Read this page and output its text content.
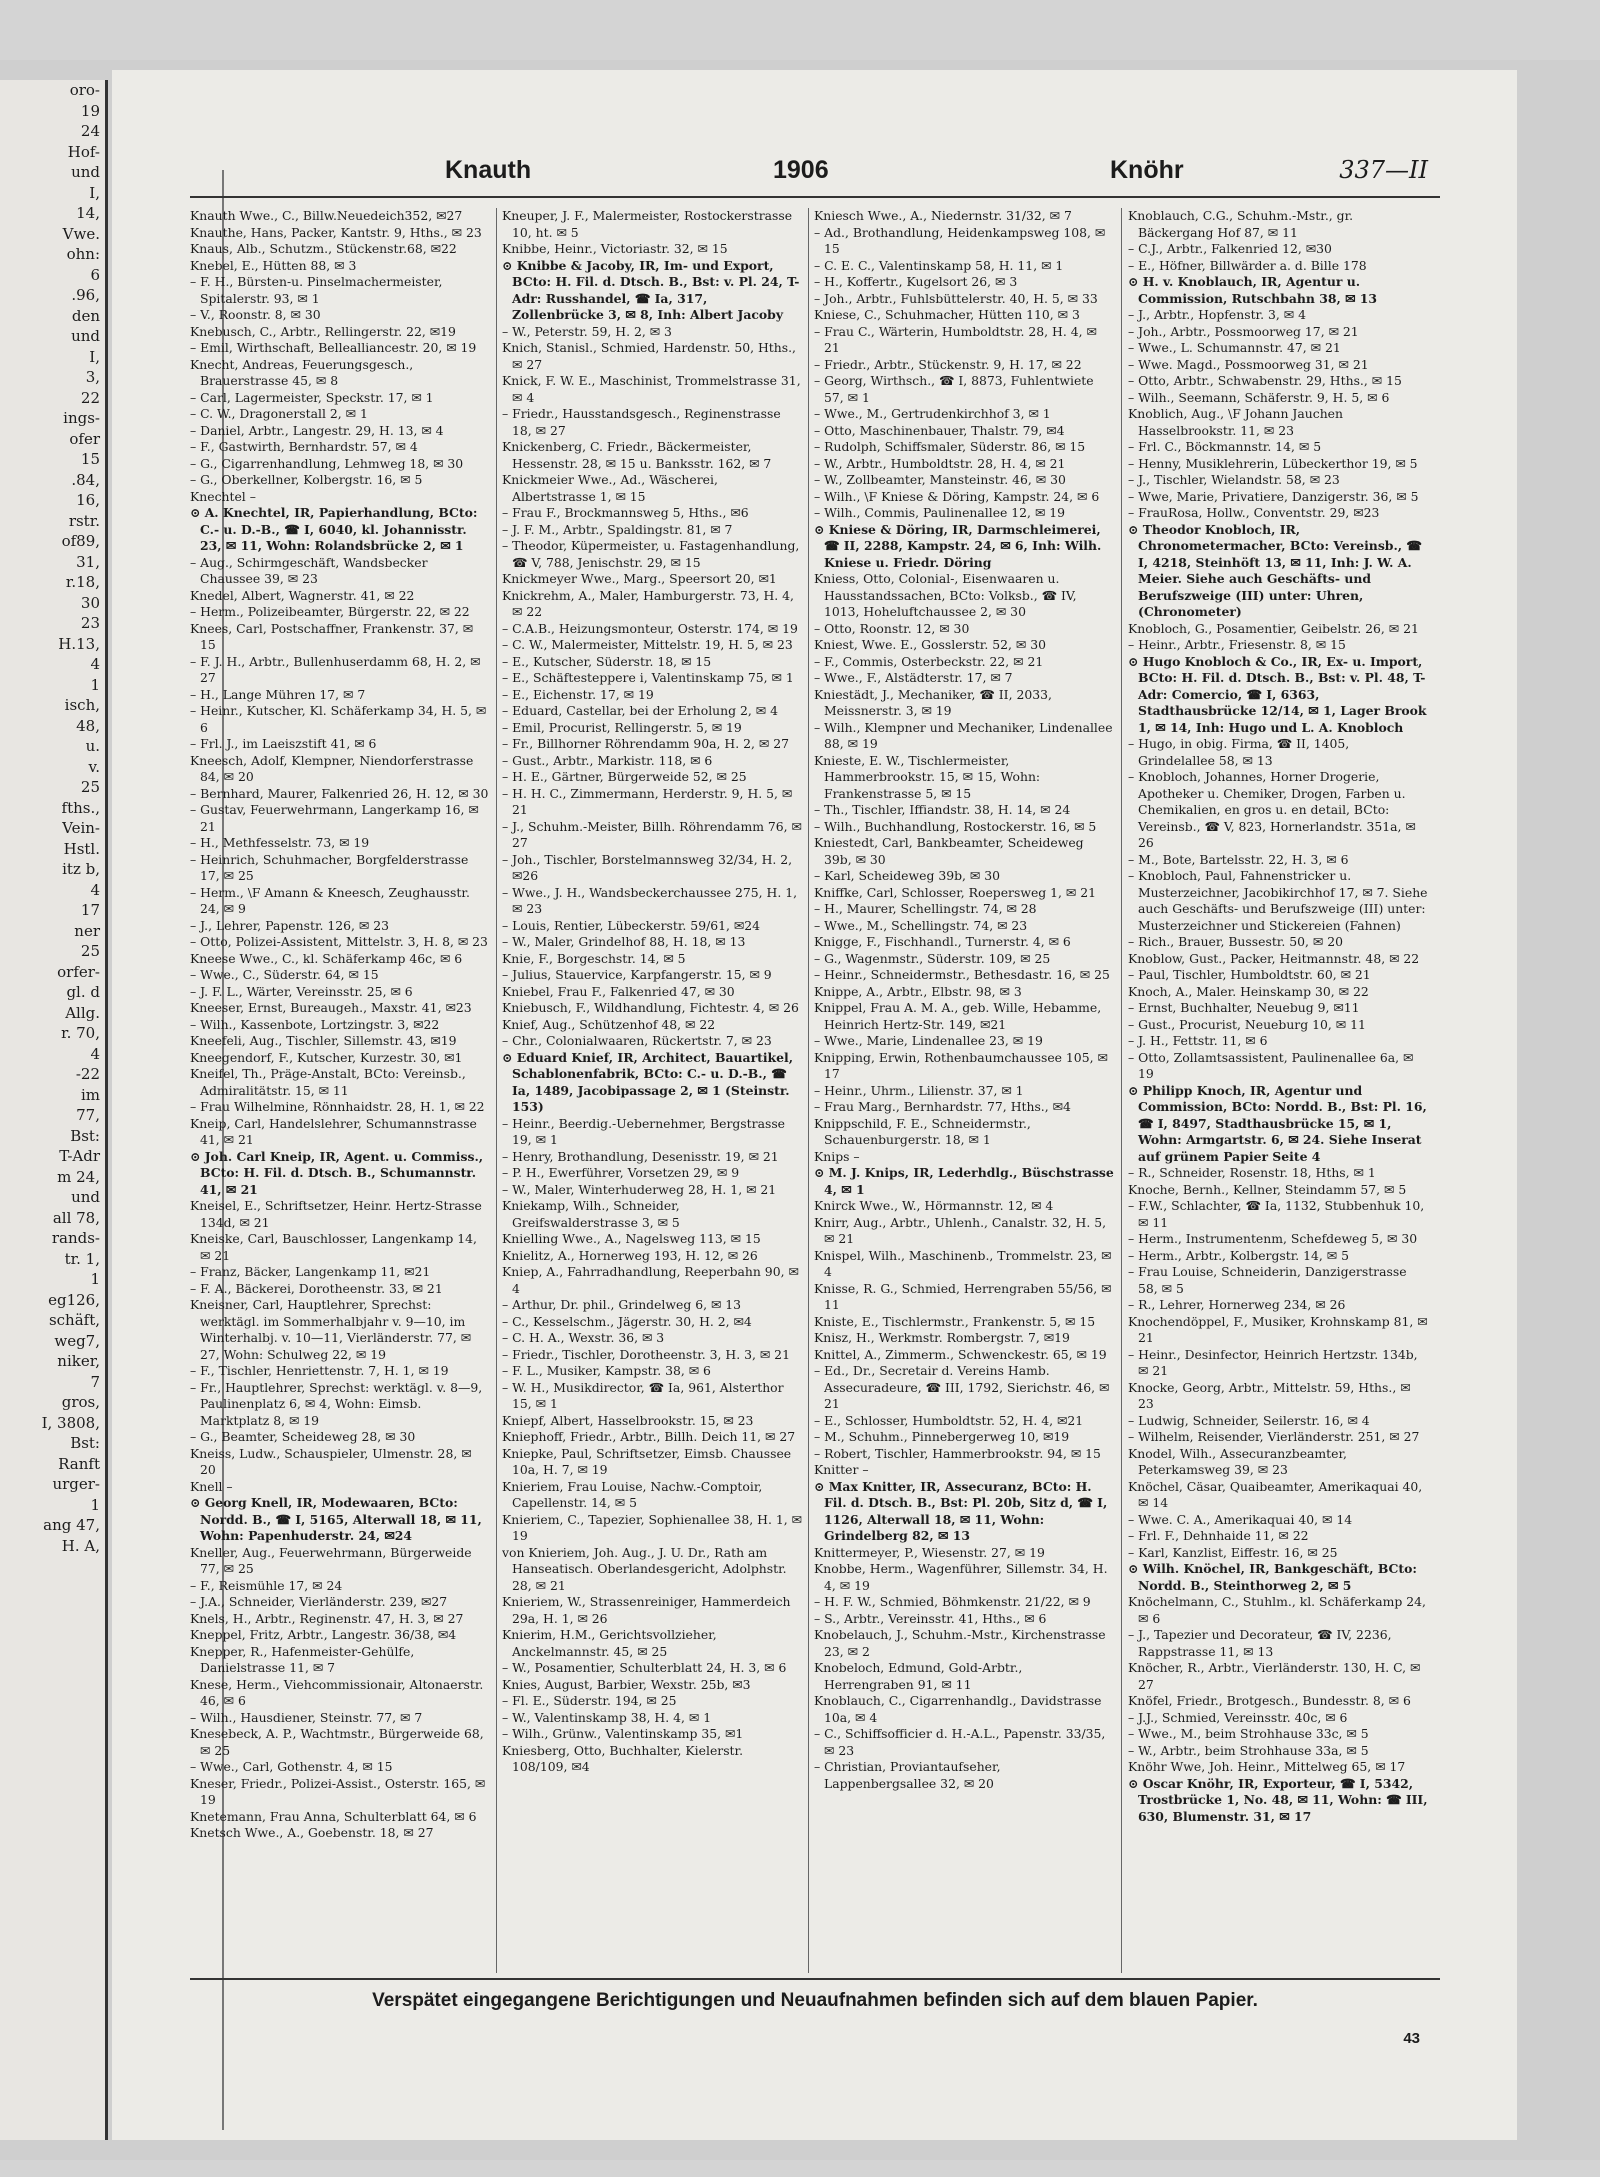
oro-
19
24
Hof-
und
I,
14,
Vwe.
ohn:
6
.96,
den
und
I,
3,
22
ings-
ofer
15
.84,
16,
rstr.
of89,
31,
r.18,
30
23
H.13,
4
1
isch,
48,
u.
v.
25
fths.,
Vein-
Hstl.
itz b,
4
17
ner
25
orfer-
gl. d
Allg.
r. 70,
4
-22
im
77,
Bst:
T-Adr
m 24,
und
all 78,
rands-
tr. 1,
1
eg126,
schäft,
weg7,
niker,
7
gros,
I, 3808,
Bst:
Ranft
urger-
1
ang 47,
H. A,
Knauth	1906	Knöhr	337—II

Knauth Wwe., C., Billw.Neuedeich352, ✉27

Knauthe, Hans, Packer, Kantstr. 9, Hths., ✉ 23

Knaus, Alb., Schutzm., Stückenstr.68, ✉22

Knebel, E., Hütten 88, ✉ 3

– F. H., Bürsten-u. Pinselmachermeister, Spitalerstr. 93, ✉ 1

– V., Roonstr. 8, ✉ 30

Knebusch, C., Arbtr., Rellingerstr. 22, ✉19

– Emil, Wirthschaft, Bellealliancestr. 20, ✉ 19

Knecht, Andreas, Feuerungsgesch., Brauerstrasse 45, ✉ 8

– Carl, Lagermeister, Speckstr. 17, ✉ 1

– C. W., Dragonerstall 2, ✉ 1

– Daniel, Arbtr., Langestr. 29, H. 13, ✉ 4

– F., Gastwirth, Bernhardstr. 57, ✉ 4

– G., Cigarrenhandlung, Lehmweg 18, ✉ 30

– G., Oberkellner, Kolbergstr. 16, ✉ 5

Knechtel –

⊙ A. Knechtel, IR, Papierhandlung, BCto: C.- u. D.-B., ☎ I, 6040, kl. Johannisstr. 23, ✉ 11, Wohn: Rolandsbrücke 2, ✉ 1

– Aug., Schirmgeschäft, Wandsbecker Chaussee 39, ✉ 23

Knedel, Albert, Wagnerstr. 41, ✉ 22

– Herm., Polizeibeamter, Bürgerstr. 22, ✉ 22

Knees, Carl, Postschaffner, Frankenstr. 37, ✉ 15

– F. J. H., Arbtr., Bullenhuserdamm 68, H. 2, ✉ 27

– H., Lange Mühren 17, ✉ 7

– Heinr., Kutscher, Kl. Schäferkamp 34, H. 5, ✉ 6

– Frl. J., im Laeiszstift 41, ✉ 6

Kneesch, Adolf, Klempner, Niendorferstrasse 84, ✉ 20

– Bernhard, Maurer, Falkenried 26, H. 12, ✉ 30

– Gustav, Feuerwehrmann, Langerkamp 16, ✉ 21

– H., Methfesselstr. 73, ✉ 19

– Heinrich, Schuhmacher, Borgfelderstrasse 17, ✉ 25

– Herm., \F Amann & Kneesch, Zeughausstr. 24, ✉ 9

– J., Lehrer, Papenstr. 126, ✉ 23

– Otto, Polizei-Assistent, Mittelstr. 3, H. 8, ✉ 23

Kneese Wwe., C., kl. Schäferkamp 46c, ✉ 6

– Wwe., C., Süderstr. 64, ✉ 15

– J. F. L., Wärter, Vereinsstr. 25, ✉ 6

Kneeser, Ernst, Bureaugeh., Maxstr. 41, ✉23

– Wilh., Kassenbote, Lortzingstr. 3, ✉22

Kneefeli, Aug., Tischler, Sillemstr. 43, ✉19

Kneegendorf, F., Kutscher, Kurzestr. 30, ✉1

Kneifel, Th., Präge-Anstalt, BCto: Vereinsb., Admiralitätstr. 15, ✉ 11

– Frau Wilhelmine, Rönnhaidstr. 28, H. 1, ✉ 22

Kneip, Carl, Handelslehrer, Schumannstrasse 41, ✉ 21

⊙ Joh. Carl Kneip, IR, Agent. u. Commiss., BCto: H. Fil. d. Dtsch. B., Schumannstr. 41, ✉ 21

Kneisel, E., Schriftsetzer, Heinr. Hertz-Strasse 134d, ✉ 21

Kneiske, Carl, Bauschlosser, Langenkamp 14, ✉ 21

– Franz, Bäcker, Langenkamp 11, ✉21

– F. A., Bäckerei, Dorotheenstr. 33, ✉ 21

Kneisner, Carl, Hauptlehrer, Sprechst: werktägl. im Sommerhalbjahr v. 9—10, im Winterhalbj. v. 10—11, Vierländerstr. 77, ✉ 27, Wohn: Schulweg 22, ✉ 19

– F., Tischler, Henriettenstr. 7, H. 1, ✉ 19

– Fr., Hauptlehrer, Sprechst: werktägl. v. 8—9, Paulinenplatz 6, ✉ 4, Wohn: Eimsb. Marktplatz 8, ✉ 19

– G., Beamter, Scheideweg 28, ✉ 30

Kneiss, Ludw., Schauspieler, Ulmenstr. 28, ✉ 20

Knell –

⊙ Georg Knell, IR, Modewaaren, BCto: Nordd. B., ☎ I, 5165, Alterwall 18, ✉ 11, Wohn: Papenhuderstr. 24, ✉24

Kneller, Aug., Feuerwehrmann, Bürgerweide 77, ✉ 25

– F., Reismühle 17, ✉ 24

– J.A., Schneider, Vierländerstr. 239, ✉27

Knels, H., Arbtr., Reginenstr. 47, H. 3, ✉ 27

Kneppel, Fritz, Arbtr., Langestr. 36/38, ✉4

Knepper, R., Hafenmeister-Gehülfe, Danielstrasse 11, ✉ 7

Knese, Herm., Viehcommissionair, Altonaerstr. 46, ✉ 6

– Wilh., Hausdiener, Steinstr. 77, ✉ 7

Knesebeck, A. P., Wachtmstr., Bürgerweide 68, ✉ 25

– Wwe., Carl, Gothenstr. 4, ✉ 15

Kneser, Friedr., Polizei-Assist., Osterstr. 165, ✉ 19

Knetemann, Frau Anna, Schulterblatt 64, ✉ 6

Knetsch Wwe., A., Goebenstr. 18, ✉ 27

Kneuper, J. F., Malermeister, Rostockerstrasse 10, ht. ✉ 5

Knibbe, Heinr., Victoriastr. 32, ✉ 15

⊙ Knibbe & Jacoby, IR, Im- und Export, BCto: H. Fil. d. Dtsch. B., Bst: v. Pl. 24, T-Adr: Russhandel, ☎ Ia, 317, Zollenbrücke 3, ✉ 8, Inh: Albert Jacoby

– W., Peterstr. 59, H. 2, ✉ 3

Knich, Stanisl., Schmied, Hardenstr. 50, Hths., ✉ 27

Knick, F. W. E., Maschinist, Trommelstrasse 31, ✉ 4

– Friedr., Hausstandsgesch., Reginenstrasse 18, ✉ 27

Knickenberg, C. Friedr., Bäckermeister, Hessenstr. 28, ✉ 15 u. Banksstr. 162, ✉ 7

Knickmeier Wwe., Ad., Wäscherei, Albertstrasse 1, ✉ 15

– Frau F., Brockmannsweg 5, Hths., ✉6

– J. F. M., Arbtr., Spaldingstr. 81, ✉ 7

– Theodor, Küpermeister, u. Fastagenhandlung, ☎ V, 788, Jenischstr. 29, ✉ 15

Knickmeyer Wwe., Marg., Speersort 20, ✉1

Knickrehm, A., Maler, Hamburgerstr. 73, H. 4, ✉ 22

– C.A.B., Heizungsmonteur, Osterstr. 174, ✉ 19

– C. W., Malermeister, Mittelstr. 19, H. 5, ✉ 23

– E., Kutscher, Süderstr. 18, ✉ 15

– E., Schäftesteppere i, Valentinskamp 75, ✉ 1

– E., Eichenstr. 17, ✉ 19

– Eduard, Castellar, bei der Erholung 2, ✉ 4

– Emil, Procurist, Rellingerstr. 5, ✉ 19

– Fr., Billhorner Röhrendamm 90a, H. 2, ✉ 27

– Gust., Arbtr., Markistr. 118, ✉ 6

– H. E., Gärtner, Bürgerweide 52, ✉ 25

– H. H. C., Zimmermann, Herderstr. 9, H. 5, ✉ 21

– J., Schuhm.-Meister, Billh. Röhrendamm 76, ✉ 27

– Joh., Tischler, Borstelmannsweg 32/34, H. 2, ✉26

– Wwe., J. H., Wandsbeckerchaussee 275, H. 1, ✉ 23

– Louis, Rentier, Lübeckerstr. 59/61, ✉24

– W., Maler, Grindelhof 88, H. 18, ✉ 13

Knie, F., Borgeschstr. 14, ✉ 5

– Julius, Stauervice, Karpfangerstr. 15, ✉ 9

Kniebel, Frau F., Falkenried 47, ✉ 30

Kniebusch, F., Wildhandlung, Fichtestr. 4, ✉ 26

Knief, Aug., Schützenhof 48, ✉ 22

– Chr., Colonialwaaren, Rückertstr. 7, ✉ 23

⊙ Eduard Knief, IR, Architect, Bauartikel, Schablonenfabrik, BCto: C.- u. D.-B., ☎ Ia, 1489, Jacobipassage 2, ✉ 1 (Steinstr. 153)

– Heinr., Beerdig.-Uebernehmer, Bergstrasse 19, ✉ 1

– Henry, Brothandlung, Desenisstr. 19, ✉ 21

– P. H., Ewerführer, Vorsetzen 29, ✉ 9

– W., Maler, Winterhuderweg 28, H. 1, ✉ 21

Kniekamp, Wilh., Schneider, Greifswalderstrasse 3, ✉ 5

Knielling Wwe., A., Nagelsweg 113, ✉ 15

Knielitz, A., Hornerweg 193, H. 12, ✉ 26

Kniep, A., Fahrradhandlung, Reeperbahn 90, ✉ 4

– Arthur, Dr. phil., Grindelweg 6, ✉ 13

– C., Kesselschm., Jägerstr. 30, H. 2, ✉4

– C. H. A., Wexstr. 36, ✉ 3

– Friedr., Tischler, Dorotheenstr. 3, H. 3, ✉ 21

– F. L., Musiker, Kampstr. 38, ✉ 6

– W. H., Musikdirector, ☎ Ia, 961, Alsterthor 15, ✉ 1

Kniepf, Albert, Hasselbrookstr. 15, ✉ 23

Kniephoff, Friedr., Arbtr., Billh. Deich 11, ✉ 27

Kniepke, Paul, Schriftsetzer, Eimsb. Chaussee 10a, H. 7, ✉ 19

Knieriem, Frau Louise, Nachw.-Comptoir, Capellenstr. 14, ✉ 5

Knieriem, C., Tapezier, Sophienallee 38, H. 1, ✉ 19

von Knieriem, Joh. Aug., J. U. Dr., Rath am Hanseatisch. Oberlandesgericht, Adolphstr. 28, ✉ 21

Knieriem, W., Strassenreiniger, Hammerdeich 29a, H. 1, ✉ 26

Knierim, H.M., Gerichtsvollzieher, Anckelmannstr. 45, ✉ 25

– W., Posamentier, Schulterblatt 24, H. 3, ✉ 6

Knies, August, Barbier, Wexstr. 25b, ✉3

– Fl. E., Süderstr. 194, ✉ 25

– W., Valentinskamp 38, H. 4, ✉ 1

– Wilh., Grünw., Valentinskamp 35, ✉1

Kniesberg, Otto, Buchhalter, Kielerstr. 108/109, ✉4

Kniesch Wwe., A., Niedernstr. 31/32, ✉ 7

– Ad., Brothandlung, Heidenkampsweg 108, ✉ 15

– C. E. C., Valentinskamp 58, H. 11, ✉ 1

– H., Koffertr., Kugelsort 26, ✉ 3

– Joh., Arbtr., Fuhlsbüttelerstr. 40, H. 5, ✉ 33

Kniese, C., Schuhmacher, Hütten 110, ✉ 3

– Frau C., Wärterin, Humboldtstr. 28, H. 4, ✉ 21

– Friedr., Arbtr., Stückenstr. 9, H. 17, ✉ 22

– Georg, Wirthsch., ☎ I, 8873, Fuhlentwiete 57, ✉ 1

– Wwe., M., Gertrudenkirchhof 3, ✉ 1

– Otto, Maschinenbauer, Thalstr. 79, ✉4

– Rudolph, Schiffsmaler, Süderstr. 86, ✉ 15

– W., Arbtr., Humboldtstr. 28, H. 4, ✉ 21

– W., Zollbeamter, Mansteinstr. 46, ✉ 30

– Wilh., \F Kniese & Döring, Kampstr. 24, ✉ 6

– Wilh., Commis, Paulinenallee 12, ✉ 19

⊙ Kniese & Döring, IR, Darmschleimerei, ☎ II, 2288, Kampstr. 24, ✉ 6, Inh: Wilh. Kniese u. Friedr. Döring

Kniess, Otto, Colonial-, Eisenwaaren u. Hausstandssachen, BCto: Volksb., ☎ IV, 1013, Hoheluftchaussee 2, ✉ 30

– Otto, Roonstr. 12, ✉ 30

Kniest, Wwe. E., Gosslerstr. 52, ✉ 30

– F., Commis, Osterbeckstr. 22, ✉ 21

– Wwe., F., Alstädterstr. 17, ✉ 7

Kniestädt, J., Mechaniker, ☎ II, 2033, Meissnerstr. 3, ✉ 19

– Wilh., Klempner und Mechaniker, Lindenallee 88, ✉ 19

Knieste, E. W., Tischlermeister, Hammerbrookstr. 15, ✉ 15, Wohn: Frankenstrasse 5, ✉ 15

– Th., Tischler, Iffiandstr. 38, H. 14, ✉ 24

– Wilh., Buchhandlung, Rostockerstr. 16, ✉ 5

Kniestedt, Carl, Bankbeamter, Scheideweg 39b, ✉ 30

– Karl, Scheideweg 39b, ✉ 30

Kniffke, Carl, Schlosser, Roepersweg 1, ✉ 21

– H., Maurer, Schellingstr. 74, ✉ 28

– Wwe., M., Schellingstr. 74, ✉ 23

Knigge, F., Fischhandl., Turnerstr. 4, ✉ 6

– G., Wagenmstr., Süderstr. 109, ✉ 25

– Heinr., Schneidermstr., Bethesdastr. 16, ✉ 25

Knippe, A., Arbtr., Elbstr. 98, ✉ 3

Knippel, Frau A. M. A., geb. Wille, Hebamme, Heinrich Hertz-Str. 149, ✉21

– Wwe., Marie, Lindenallee 23, ✉ 19

Knipping, Erwin, Rothenbaumchaussee 105, ✉ 17

– Heinr., Uhrm., Lilienstr. 37, ✉ 1

– Frau Marg., Bernhardstr. 77, Hths., ✉4

Knippschild, F. E., Schneidermstr., Schauenburgerstr. 18, ✉ 1

Knips –

⊙ M. J. Knips, IR, Lederhdlg., Büschstrasse 4, ✉ 1

Knirck Wwe., W., Hörmannstr. 12, ✉ 4

Knirr, Aug., Arbtr., Uhlenh., Canalstr. 32, H. 5, ✉ 21

Knispel, Wilh., Maschinenb., Trommelstr. 23, ✉ 4

Knisse, R. G., Schmied, Herrengraben 55/56, ✉ 11

Kniste, E., Tischlermstr., Frankenstr. 5, ✉ 15

Knisz, H., Werkmstr. Rombergstr. 7, ✉19

Knittel, A., Zimmerm., Schwenckestr. 65, ✉ 19

– Ed., Dr., Secretair d. Vereins Hamb. Assecuradeure, ☎ III, 1792, Sierichstr. 46, ✉ 21

– E., Schlosser, Humboldtstr. 52, H. 4, ✉21

– M., Schuhm., Pinnebergerweg 10, ✉19

– Robert, Tischler, Hammerbrookstr. 94, ✉ 15

Knitter –

⊙ Max Knitter, IR, Assecuranz, BCto: H. Fil. d. Dtsch. B., Bst: Pl. 20b, Sitz d, ☎ I, 1126, Alterwall 18, ✉ 11, Wohn: Grindelberg 82, ✉ 13

Knittermeyer, P., Wiesenstr. 27, ✉ 19

Knobbe, Herm., Wagenführer, Sillemstr. 34, H. 4, ✉ 19

– H. F. W., Schmied, Böhmkenstr. 21/22, ✉ 9

– S., Arbtr., Vereinsstr. 41, Hths., ✉ 6

Knobelauch, J., Schuhm.-Mstr., Kirchenstrasse 23, ✉ 2

Knobeloch, Edmund, Gold-Arbtr., Herrengraben 91, ✉ 11

Knoblauch, C., Cigarrenhandlg., Davidstrasse 10a, ✉ 4

– C., Schiffsofficier d. H.-A.L., Papenstr. 33/35, ✉ 23

– Christian, Proviantaufseher, Lappenbergsallee 32, ✉ 20

Knoblauch, C.G., Schuhm.-Mstr., gr. Bäckergang Hof 87, ✉ 11

– C.J., Arbtr., Falkenried 12, ✉30

– E., Höfner, Billwärder a. d. Bille 178

⊙ H. v. Knoblauch, IR, Agentur u. Commission, Rutschbahn 38, ✉ 13

– J., Arbtr., Hopfenstr. 3, ✉ 4

– Joh., Arbtr., Possmoorweg 17, ✉ 21

– Wwe., L. Schumannstr. 47, ✉ 21

– Wwe. Magd., Possmoorweg 31, ✉ 21

– Otto, Arbtr., Schwabenstr. 29, Hths., ✉ 15

– Wilh., Seemann, Schäferstr. 9, H. 5, ✉ 6

Knoblich, Aug., \F Johann Jauchen Hasselbrookstr. 11, ✉ 23

– Frl. C., Böckmannstr. 14, ✉ 5

– Henny, Musiklehrerin, Lübeckerthor 19, ✉ 5

– J., Tischler, Wielandstr. 58, ✉ 23

– Wwe, Marie, Privatiere, Danzigerstr. 36, ✉ 5

– FrauRosa, Hollw., Conventstr. 29, ✉23

⊙ Theodor Knobloch, IR, Chronometermacher, BCto: Vereinsb., ☎ I, 4218, Steinhöft 13, ✉ 11, Inh: J. W. A. Meier. Siehe auch Geschäfts- und Berufszweige (III) unter: Uhren, (Chronometer)

Knobloch, G., Posamentier, Geibelstr. 26, ✉ 21

– Heinr., Arbtr., Friesenstr. 8, ✉ 15

⊙ Hugo Knobloch & Co., IR, Ex- u. Import, BCto: H. Fil. d. Dtsch. B., Bst: v. Pl. 48, T-Adr: Comercio, ☎ I, 6363, Stadthausbrücke 12/14, ✉ 1, Lager Brook 1, ✉ 14, Inh: Hugo und L. A. Knobloch

– Hugo, in obig. Firma, ☎ II, 1405, Grindelallee 58, ✉ 13

– Knobloch, Johannes, Horner Drogerie, Apotheker u. Chemiker, Drogen, Farben u. Chemikalien, en gros u. en detail, BCto: Vereinsb., ☎ V, 823, Hornerlandstr. 351a, ✉26

– M., Bote, Bartelsstr. 22, H. 3, ✉ 6

– Knobloch, Paul, Fahnenstricker u. Musterzeichner, Jacobikirchhof 17, ✉ 7. Siehe auch Geschäfts- und Berufszweige (III) unter: Musterzeichner und Stickereien (Fahnen)

– Rich., Brauer, Bussestr. 50, ✉ 20

Knoblow, Gust., Packer, Heitmannstr. 48, ✉ 22

– Paul, Tischler, Humboldtstr. 60, ✉ 21

Knoch, A., Maler. Heinskamp 30, ✉ 22

– Ernst, Buchhalter, Neuebug 9, ✉11

– Gust., Procurist, Neueburg 10, ✉ 11

– J. H., Fettstr. 11, ✉ 6

– Otto, Zollamtsassistent, Paulinenallee 6a, ✉ 19

⊙ Philipp Knoch, IR, Agentur und Commission, BCto: Nordd. B., Bst: Pl. 16, ☎ I, 8497, Stadthausbrücke 15, ✉ 1, Wohn: Armgartstr. 6, ✉ 24. Siehe Inserat auf grünem Papier Seite 4

– R., Schneider, Rosenstr. 18, Hths, ✉ 1

Knoche, Bernh., Kellner, Steindamm 57, ✉ 5

– F.W., Schlachter, ☎ Ia, 1132, Stubbenhuk 10, ✉ 11

– Herm., Instrumentenm, Schefdeweg 5, ✉ 30

– Herm., Arbtr., Kolbergstr. 14, ✉ 5

– Frau Louise, Schneiderin, Danzigerstrasse 58, ✉ 5

– R., Lehrer, Hornerweg 234, ✉ 26

Knochendöppel, F., Musiker, Krohnskamp 81, ✉ 21

– Heinr., Desinfector, Heinrich Hertzstr. 134b, ✉ 21

Knocke, Georg, Arbtr., Mittelstr. 59, Hths., ✉ 23

– Ludwig, Schneider, Seilerstr. 16, ✉ 4

– Wilhelm, Reisender, Vierländerstr. 251, ✉ 27

Knodel, Wilh., Assecuranzbeamter, Peterkamsweg 39, ✉ 23

Knöchel, Cäsar, Quaibeamter, Amerikaquai 40, ✉ 14

– Wwe. C. A., Amerikaquai 40, ✉ 14

– Frl. F., Dehnhaide 11, ✉ 22

– Karl, Kanzlist, Eiffestr. 16, ✉ 25

⊙ Wilh. Knöchel, IR, Bankgeschäft, BCto: Nordd. B., Steinthorweg 2, ✉ 5

Knöchelmann, C., Stuhlm., kl. Schäferkamp 24, ✉ 6

– J., Tapezier und Decorateur, ☎ IV, 2236, Rappstrasse 11, ✉ 13

Knöcher, R., Arbtr., Vierländerstr. 130, H. C, ✉ 27

Knöfel, Friedr., Brotgesch., Bundesstr. 8, ✉ 6

– J.J., Schmied, Vereinsstr. 40c, ✉ 6

– Wwe., M., beim Strohhause 33c, ✉ 5

– W., Arbtr., beim Strohhause 33a, ✉ 5

Knöhr Wwe, Joh. Heinr., Mittelweg 65, ✉ 17

⊙ Oscar Knöhr, IR, Exporteur, ☎ I, 5342, Trostbrücke 1, No. 48, ✉ 11, Wohn: ☎ III, 630, Blumenstr. 31, ✉ 17

Verspätet eingegangene Berichtigungen und Neuaufnahmen befinden sich auf dem blauen Papier.
43
